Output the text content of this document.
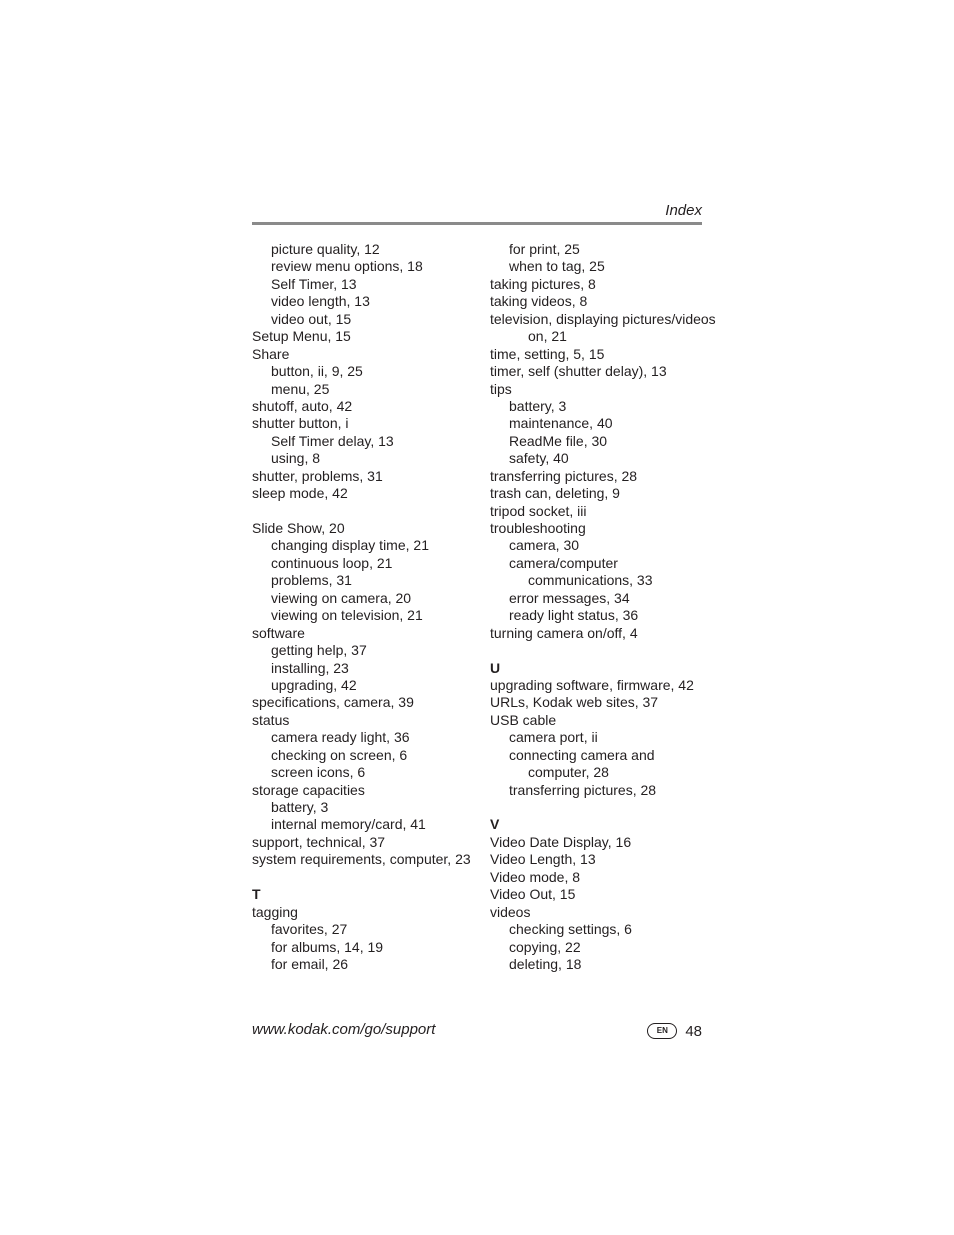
Index
picture quality, 12
review menu options, 18
Self Timer, 13
video length, 13
video out, 15
Setup Menu, 15
Share
button, ii, 9, 25
menu, 25
shutoff, auto, 42
shutter button, i
Self Timer delay, 13
using, 8
shutter, problems, 31
sleep mode, 42
Slide Show, 20
changing display time, 21
continuous loop, 21
problems, 31
viewing on camera, 20
viewing on television, 21
software
getting help, 37
installing, 23
upgrading, 42
specifications, camera, 39
status
camera ready light, 36
checking on screen, 6
screen icons, 6
storage capacities
battery, 3
internal memory/card, 41
support, technical, 37
system requirements, computer, 23
T
tagging
favorites, 27
for albums, 14, 19
for email, 26
for print, 25
when to tag, 25
taking pictures, 8
taking videos, 8
television, displaying pictures/videos
on, 21
time, setting, 5, 15
timer, self (shutter delay), 13
tips
battery, 3
maintenance, 40
ReadMe file, 30
safety, 40
transferring pictures, 28
trash can, deleting, 9
tripod socket, iii
troubleshooting
camera, 30
camera/computer
communications, 33
error messages, 34
ready light status, 36
turning camera on/off, 4
U
upgrading software, firmware, 42
URLs, Kodak web sites, 37
USB cable
camera port, ii
connecting camera and
computer, 28
transferring pictures, 28
V
Video Date Display, 16
Video Length, 13
Video mode, 8
Video Out, 15
videos
checking settings, 6
copying, 22
deleting, 18
www.kodak.com/go/support	EN	48
